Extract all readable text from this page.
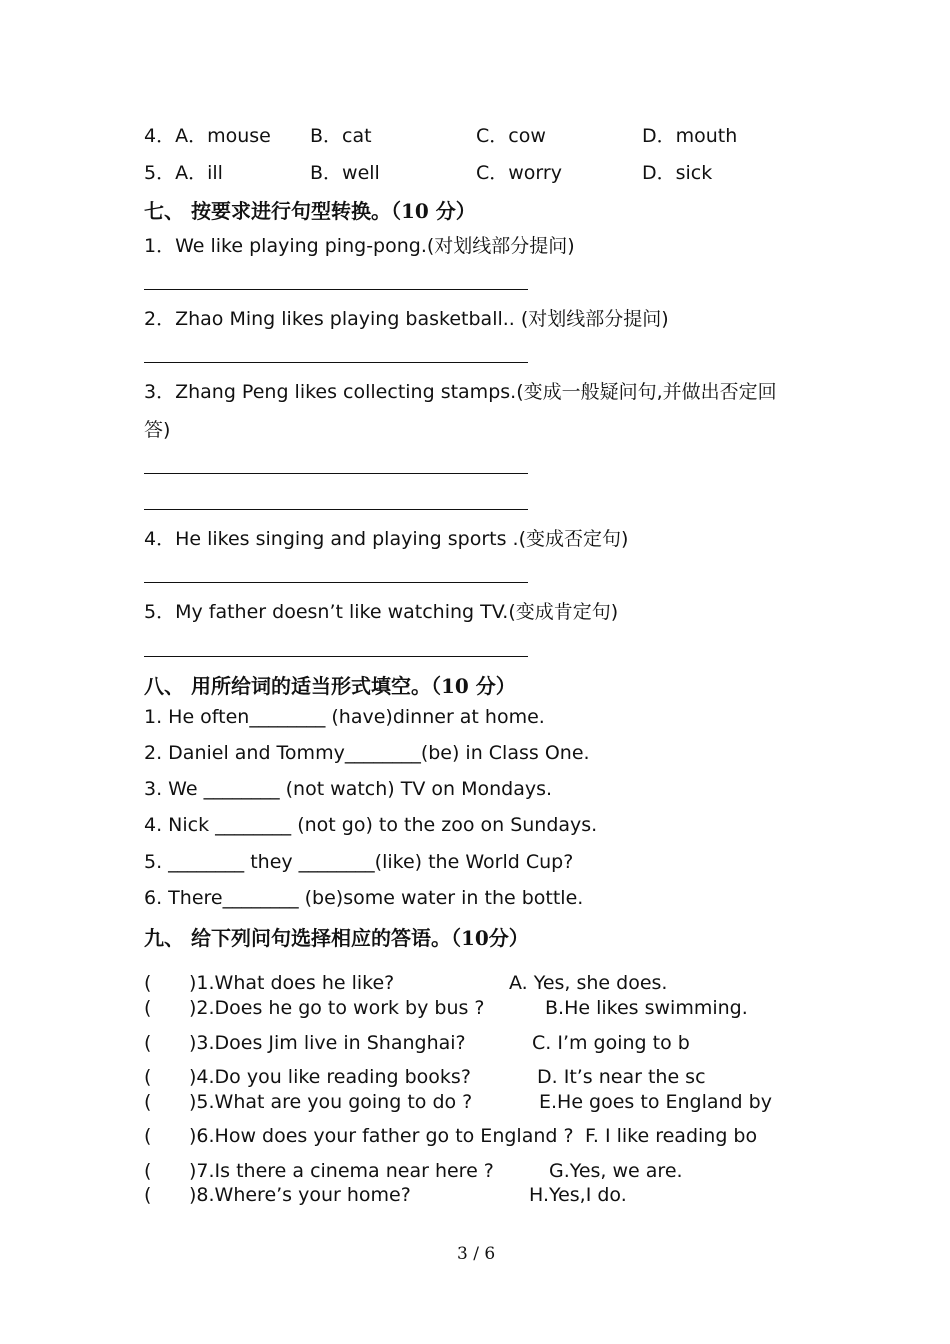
4．A．mouse B．cat	C．cow	D．mouth
5．A．ill	B．well	C．worry	D．sick
七、 按要求进行句型转换。（10 分）
1．We like playing ping-pong.(对划线部分提问)
2．Zhao Ming likes playing basketball.. (对划线部分提问)
3．Zhang Peng likes collecting stamps.(变成一般疑问句,并做出否定回
答)
4．He likes singing and playing sports .(变成否定句)
5．My father doesn’t like watching TV.(变成肯定句)
八、 用所给词的适当形式填空。（10 分）
1. He often________ (have)dinner at home.
2. Daniel and Tommy________(be) in Class One.
3. We ________ (not watch) TV on Mondays.
4. Nick ________ (not go) to the zoo on Sundays.
5. ________ they ________(like) the World Cup?
6. There________ (be)some water in the bottle.
九、 给下列问句选择相应的答语。（10分）
( )1.What does he like?	A. Yes, she does.
( )2.Does he go to work by bus ?	B.He likes swimming.
( )3.Does Jim live in Shanghai?	C. I’m going to b
( )4.Do you like reading books?	D. It’s near the sc
( )5.What are you going to do ?	E.He goes to England by
( )6.How does your father go to England ? F. I like reading bo
( )7.Is there a cinema near here ?	G.Yes, we are.
( )8.Where’s your home?	H.Yes,I do.
3 / 6
